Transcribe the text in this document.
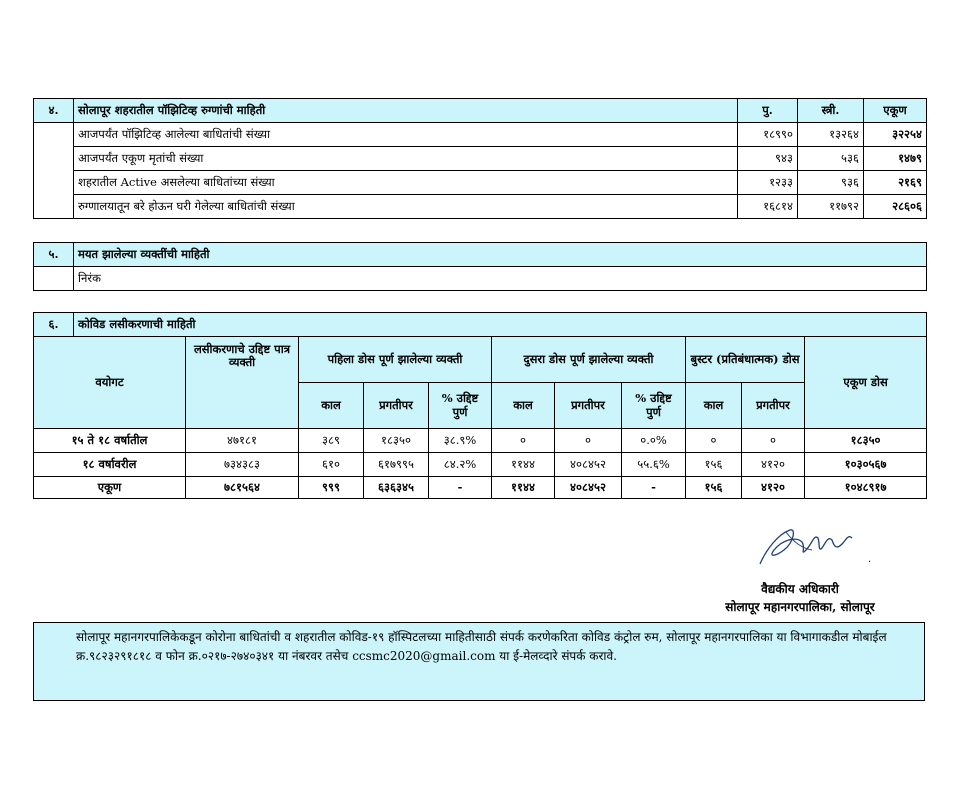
४.	सोलापूर शहरातील पॉझिटिव्ह रुग्णांची माहिती	पु.	स्त्री.	एकूण
	आजपर्यंत पॉझिटिव्ह आलेल्या बाधितांची संख्या	१८९९०	१३२६४	३२२५४
	आजपर्यंत एकूण मृतांची संख्या	९४३	५३६	१४७९
	शहरातील Active असलेल्या बाधितांच्या संख्या	१२३३	९३६	२१६९
	रुग्णालयातून बरे होऊन घरी गेलेल्या बाधितांची संख्या	१६८१४	११७९२	२८६०६
५.	मयत झालेल्या व्यक्तींची माहिती
	निरंक
६.	कोविड लसीकरणाची माहिती										
वयोगट		लसीकरणाचे उद्दिष्ट पात्र व्यक्ती	पहिला डोस पूर्ण झालेल्या व्यक्ती			दुसरा डोस पूर्ण झालेल्या व्यक्ती			बुस्टर (प्रतिबंधात्मक) डोस		एकूण डोस
			काल	प्रगतीपर	% उद्दिष्ट पुर्ण	काल	प्रगतीपर	% उद्दिष्ट पुर्ण	काल	प्रगतीपर	
१५ ते १८ वर्षातील		४७१८१	३८९	१८३५०	३८.९%	०	०	०.०%	०	०	१८३५०
१८ वर्षावरील		७३४३८३	६१०	६१७९९५	८४.२%	११४४	४०८४५२	५५.६%	१५६	४१२०	१०३०५६७
एकूण		७८१५६४	९९९	६३६३४५	-	११४४	४०८४५२	-	१५६	४१२०	१०४८९१७
.
वैद्यकीय अधिकारी
सोलापूर महानगरपालिका, सोलापूर
सोलापूर महानगरपालिकेकडून कोरोना बाधितांची व शहरातील कोविड-१९ हॉस्पिटलच्या माहितीसाठी संपर्क करणेकरिता कोविड कंट्रोल रुम, सोलापूर महानगरपालिका या विभागाकडील मोबाईल क्र.९८२३२९१८१८ व फोन क्र.०२१७-२७४०३४१ या नंबरवर तसेच ccsmc2020@gmail.com या ई-मेलव्दारे संपर्क करावे.
